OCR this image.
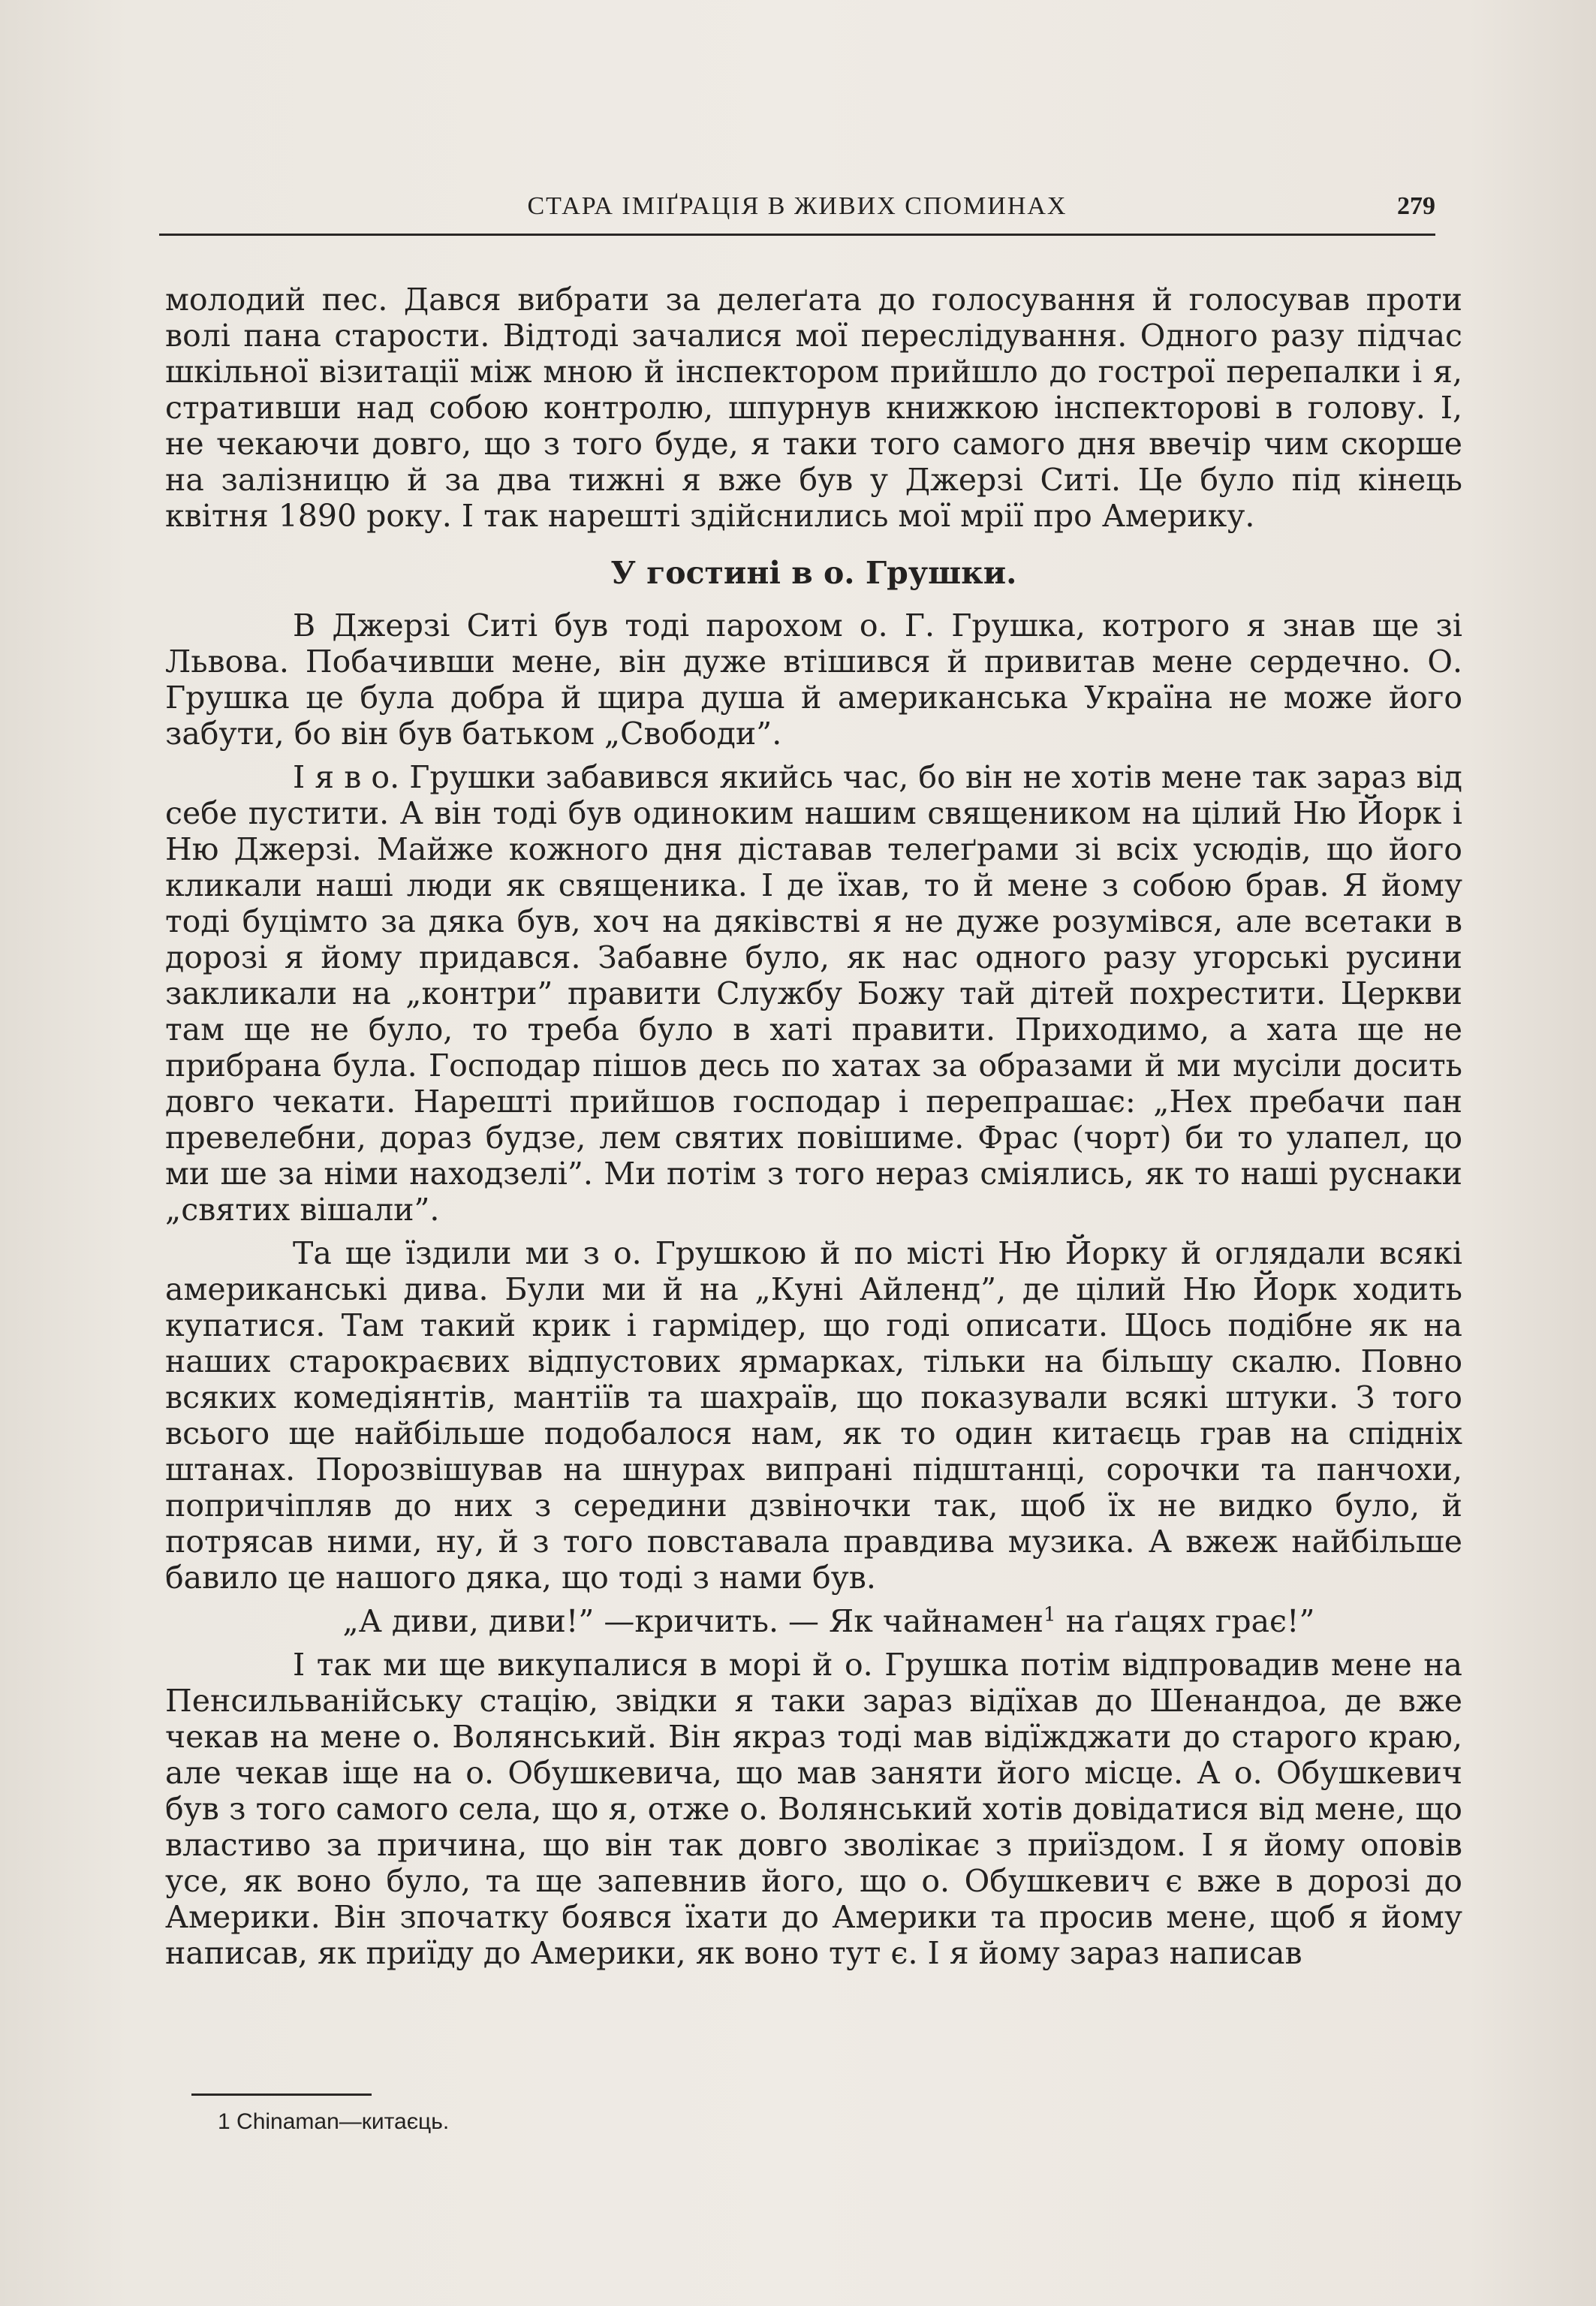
СТАРА ІМІҐРАЦІЯ В ЖИВИХ СПОМИНАХ	279

молодий пес. Дався вибрати за делеґата до голосування й голосував проти волі пана старости. Відтоді зачалися мої переслідування. Одного разу підчас шкільної візитації між мною й інспектором прийшло до гострої перепалки і я, стративши над собою контролю, шпурнув книжкою інспекторові в голову. І, не чекаючи довго, що з того буде, я таки того самого дня ввечір чим скорше на залізницю й за два тижні я вже був у Джерзі Ситі. Це було під кінець квітня 1890 року. І так нарешті здійснились мої мрії про Америку.

У гостині в о. Грушки.

В Джерзі Ситі був тоді парохом о. Г. Грушка, котрого я знав ще зі Львова. Побачивши мене, він дуже втішився й привитав мене сердечно. О. Грушка це була добра й щира душа й американська Україна не може його забути, бо він був батьком „Свободи”.

І я в о. Грушки забавився якийсь час, бо він не хотів мене так зараз від себе пустити. А він тоді був одиноким нашим священиком на цілий Ню Йорк і Ню Джерзі. Майже кожного дня діставав телеґрами зі всіх усюдів, що його кликали наші люди як священика. І де їхав, то й мене з собою брав. Я йому тоді буцімто за дяка був, хоч на дяківстві я не дуже розумівся, але всетаки в дорозі я йому придався. Забавне було, як нас одного разу угорські русини закликали на „контри” правити Службу Божу тай дітей похрестити. Церкви там ще не було, то треба було в хаті правити. Приходимо, а хата ще не прибрана була. Господар пішов десь по хатах за образами й ми мусіли досить довго чекати. Нарешті прийшов господар і перепрашає: „Нех пребачи пан превелебни, дораз будзе, лем святих повішиме. Фрас (чорт) би то улапел, цо ми ше за німи находзелі”. Ми потім з того нераз сміялись, як то наші руснаки „святих вішали”.

Та ще їздили ми з о. Грушкою й по місті Ню Йорку й оглядали всякі американські дива. Були ми й на „Куні Айленд”, де цілий Ню Йорк ходить купатися. Там такий крик і гармідер, що годі описати. Щось подібне як на наших старокраєвих відпустових ярмарках, тільки на більшу скалю. Повно всяких комедіянтів, мантіїв та шахраїв, що показували всякі штуки. З того всього ще найбільше подобалося нам, як то один китаєць грав на спідніх штанах. Порозвішував на шнурах випрані підштанці, сорочки та панчохи, попричіпляв до них з середини дзвіночки так, щоб їх не видко було, й потрясав ними, ну, й з того повставала правдива музика. А вжеж найбільше бавило це нашого дяка, що тоді з нами був.

„А диви, диви!” —кричить. — Як чайнамен$^1$ на ґацях грає!”

І так ми ще викупалися в морі й о. Грушка потім відпровадив мене на Пенсильванійську стацію, звідки я таки зараз відїхав до Шенандоа, де вже чекав на мене о. Волянський. Він якраз тоді мав відїжджати до старого краю, але чекав іще на о. Обушкевича, що мав заняти його місце. А о. Обушкевич був з того самого села, що я, отже о. Волянський хотів довідатися від мене, що властиво за причина, що він так довго зволікає з приїздом. І я йому оповів усе, як воно було, та ще запевнив його, що о. Обушкевич є вже в дорозі до Америки. Він зпочатку боявся їхати до Америки та просив мене, щоб я йому написав, як приїду до Америки, як воно тут є. І я йому зараз написав

1 Chinaman—китаєць.
